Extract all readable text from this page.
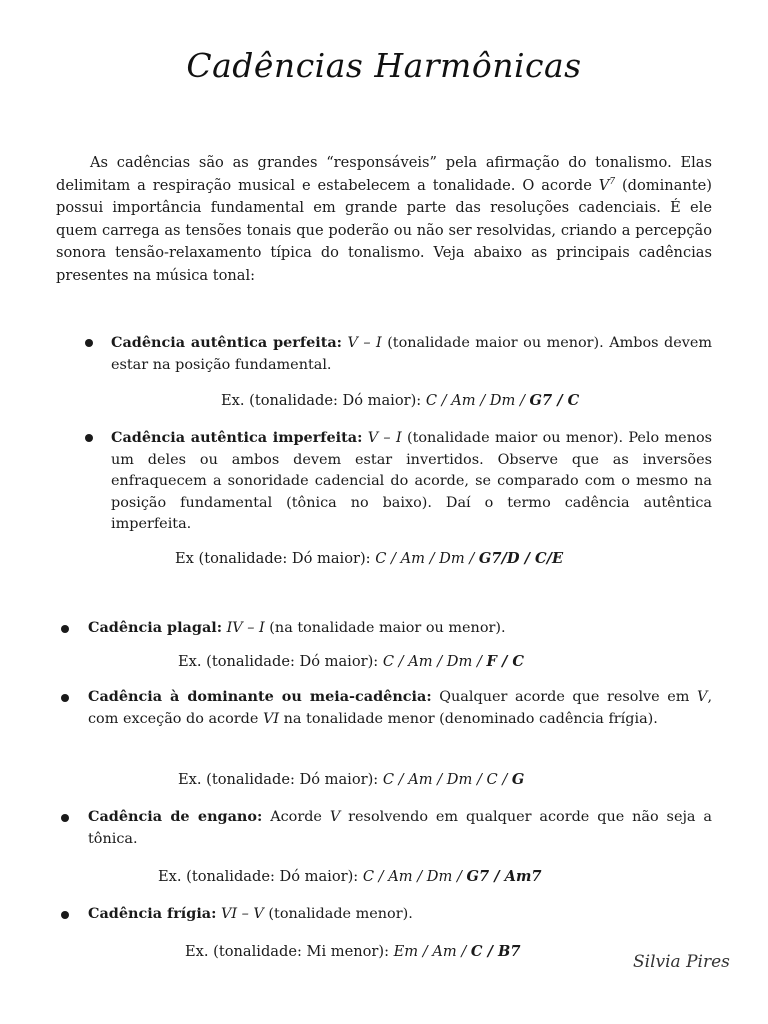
Cadências Harmônicas
As cadências são as grandes “responsáveis” pela afirmação do tonalismo. Elas delimitam a respiração musical e estabelecem a tonalidade. O acorde $V^7$ (dominante) possui importância fundamental em grande parte das resoluções cadenciais. É ele quem carrega as tensões tonais que poderão ou não ser resolvidas, criando a percepção sonora tensão-relaxamento típica do tonalismo. Veja abaixo as principais cadências presentes na música tonal:
Cadência autêntica perfeita: V – I (tonalidade maior ou menor). Ambos devem estar na posição fundamental.
Ex. (tonalidade: Dó maior): C / Am / Dm / G7 / C
Cadência autêntica imperfeita: V – I (tonalidade maior ou menor). Pelo menos um deles ou ambos devem estar invertidos. Observe que as inversões enfraquecem a sonoridade cadencial do acorde, se comparado com o mesmo na posição fundamental (tônica no baixo). Daí o termo cadência autêntica imperfeita.
Ex (tonalidade: Dó maior): C / Am / Dm / G7/D / C/E
Cadência plagal: IV – I (na tonalidade maior ou menor).
Ex. (tonalidade: Dó maior): C / Am / Dm / F / C
Cadência à dominante ou meia-cadência: Qualquer acorde que resolve em V, com exceção do acorde VI na tonalidade menor (denominado cadência frígia).
Ex. (tonalidade: Dó maior): C / Am / Dm / C / G
Cadência de engano: Acorde V resolvendo em qualquer acorde que não seja a tônica.
Ex. (tonalidade: Dó maior): C / Am / Dm / G7 / Am7
Cadência frígia: VI – V (tonalidade menor).
Ex. (tonalidade: Mi menor): Em / Am / C / B7
Silvia Pires
